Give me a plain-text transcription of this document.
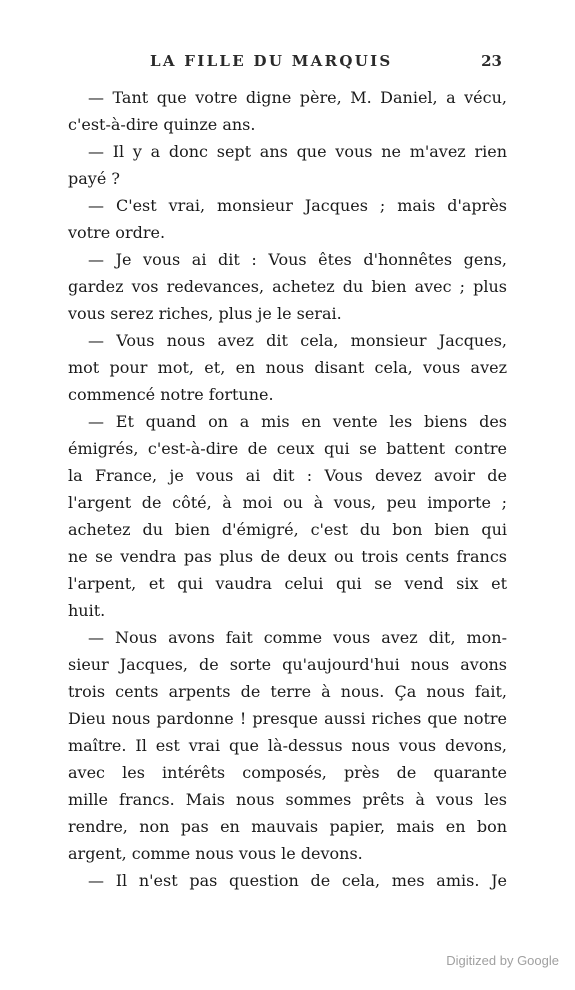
LA FILLE DU MARQUIS	23
— Tant que votre digne père, M. Daniel, a vécu,
c'est-à-dire quinze ans.
— Il y a donc sept ans que vous ne m'avez rien
payé ?
— C'est vrai, monsieur Jacques ; mais d'après
votre ordre.
— Je vous ai dit : Vous êtes d'honnêtes gens,
gardez vos redevances, achetez du bien avec ; plus
vous serez riches, plus je le serai.
— Vous nous avez dit cela, monsieur Jacques,
mot pour mot, et, en nous disant cela, vous avez
commencé notre fortune.
— Et quand on a mis en vente les biens des
émigrés, c'est-à-dire de ceux qui se battent contre
la France, je vous ai dit : Vous devez avoir de
l'argent de côté, à moi ou à vous, peu importe ;
achetez du bien d'émigré, c'est du bon bien qui
ne se vendra pas plus de deux ou trois cents francs
l'arpent, et qui vaudra celui qui se vend six et
huit.
— Nous avons fait comme vous avez dit, mon-
sieur Jacques, de sorte qu'aujourd'hui nous avons
trois cents arpents de terre à nous. Ça nous fait,
Dieu nous pardonne ! presque aussi riches que notre
maître. Il est vrai que là-dessus nous vous devons,
avec les intérêts composés, près de quarante
mille francs. Mais nous sommes prêts à vous les
rendre, non pas en mauvais papier, mais en bon
argent, comme nous vous le devons.
— Il n'est pas question de cela, mes amis. Je
Digitized by Google
